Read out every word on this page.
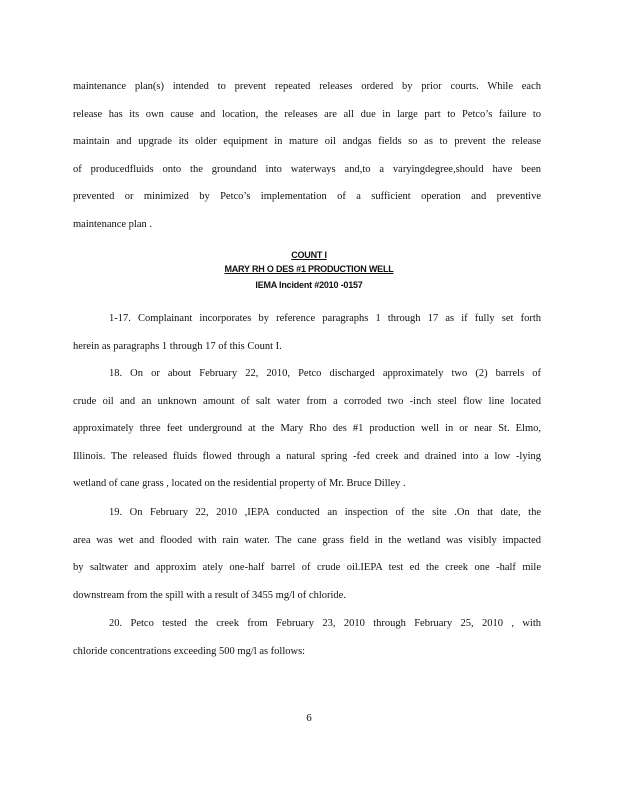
maintenance plan(s) intended to prevent repeated releases ordered by prior courts. While each
release has its own cause and location, the releases are all due in large part to Petco’s failure to
maintain and upgrade its older equipment in mature oil andgas fields so as to prevent the release
of producedfluids onto the groundand into waterways and,to a varyingdegree,should have been
prevented or minimized by Petco’s implementation of a sufficient operation and preventive
maintenance plan .
COUNT I
MARY RH O DES #1 PRODUCTION WELL
IEMA Incident #2010 -0157
1-17. Complainant incorporates by reference paragraphs 1 through 17 as if fully set forth
herein as paragraphs 1 through 17 of this Count I.
18. On or about February 22, 2010, Petco discharged approximately two (2) barrels of
crude oil and an unknown amount of salt water from a corroded two -inch steel flow line located
approximately three feet underground at the Mary Rho des #1 production well in or near St. Elmo,
Illinois. The released fluids flowed through a natural spring -fed creek and drained into a low -lying
wetland of cane grass , located on the residential property of Mr. Bruce Dilley .
19. On February 22, 2010 ,IEPA conducted an inspection of the site .On that date, the
area was wet and flooded with rain water. The cane grass field in the wetland was visibly impacted
by saltwater and approxim ately one-half barrel of crude oil.IEPA test ed the creek one -half mile
downstream from the spill with a result of 3455 mg/l of chloride.
20. Petco tested the creek from February 23, 2010 through February 25, 2010 , with
chloride concentrations exceeding 500 mg/l as follows:
6
